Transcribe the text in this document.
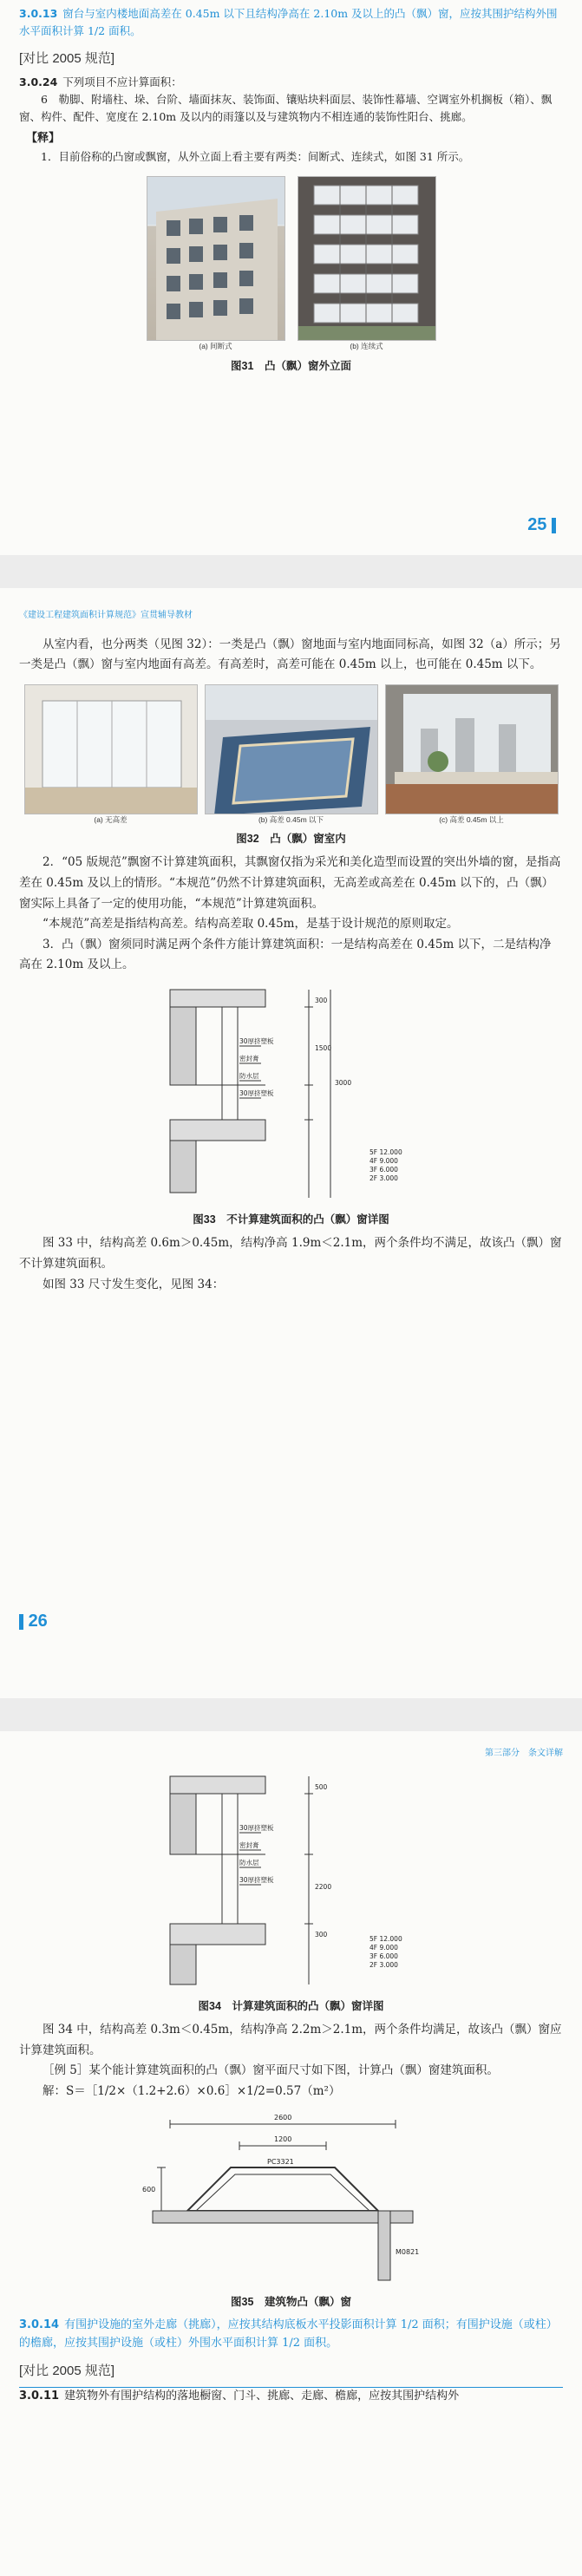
3.0.13 窗台与室内楼地面高差在 0.45m 以下且结构净高在 2.10m 及以上的凸（飘）窗，应按其围护结构外围水平面积计算 1/2 面积。

[对比 2005 规范]

3.0.24 下列项目不应计算面积：

6　勒脚、附墙柱、垛、台阶、墙面抹灰、装饰面、镶贴块料面层、装饰性幕墙、空调室外机搁板（箱）、飘窗、构件、配件、宽度在 2.10m 及以内的雨篷以及与建筑物内不相连通的装饰性阳台、挑廊。

【释】

1．目前俗称的凸窗或飘窗，从外立面上看主要有两类：间断式、连续式，如图 31 所示。

(a) 间断式	(b) 连续式
图31　凸（飘）窗外立面
25
《建设工程建筑面积计算规范》宣贯辅导教材

从室内看，也分两类（见图 32）：一类是凸（飘）窗地面与室内地面同标高，如图 32（a）所示；另一类是凸（飘）窗与室内地面有高差。有高差时，高差可能在 0.45m 以上，也可能在 0.45m 以下。

(a) 无高差	(b) 高差 0.45m 以下	(c) 高差 0.45m 以上
图32　凸（飘）窗室内

2．“05 版规范”飘窗不计算建筑面积，其飘窗仅指为采光和美化造型而设置的突出外墙的窗，是指高差在 0.45m 及以上的情形。“本规范”仍然不计算建筑面积，无高差或高差在 0.45m 以下的，凸（飘）窗实际上具备了一定的使用功能，“本规范”计算建筑面积。

“本规范”高差是指结构高差。结构高差取 0.45m，是基于设计规范的原则取定。

3．凸（飘）窗须同时满足两个条件方能计算建筑面积：一是结构高差在 0.45m 以下，二是结构净高在 2.10m 及以上。

30厚挤塑板
密封膏
防水层
30厚挤塑板
300
1500
3000
5F 12.000
4F 9.000
3F 6.000
2F 3.000
图33　不计算建筑面积的凸（飘）窗详图

图 33 中，结构高差 0.6m＞0.45m，结构净高 1.9m＜2.1m，两个条件均不满足，故该凸（飘）窗不计算建筑面积。

如图 33 尺寸发生变化，见图 34：

26
第三部分　条文详解
30厚挤塑板
密封膏
防水层
30厚挤塑板
500
2200
300
5F 12.000
4F 9.000
3F 6.000
2F 3.000
图34　计算建筑面积的凸（飘）窗详图

图 34 中，结构高差 0.3m＜0.45m，结构净高 2.2m＞2.1m，两个条件均满足，故该凸（飘）窗应计算建筑面积。

［例 5］某个能计算建筑面积的凸（飘）窗平面尺寸如下图，计算凸（飘）窗建筑面积。

解：S＝［1/2×（1.2+2.6）×0.6］×1/2=0.57（m²）

2600
1200
PC3321
600
M0821
图35　建筑物凸（飘）窗

3.0.14 有围护设施的室外走廊（挑廊），应按其结构底板水平投影面积计算 1/2 面积；有围护设施（或柱）的檐廊，应按其围护设施（或柱）外围水平面积计算 1/2 面积。

[对比 2005 规范]

3.0.11 建筑物外有围护结构的落地橱窗、门斗、挑廊、走廊、檐廊，应按其围护结构外
